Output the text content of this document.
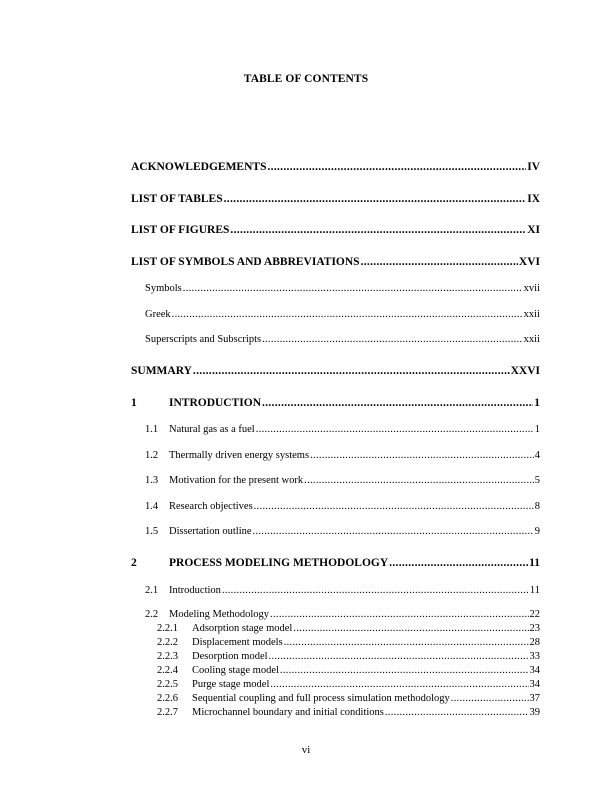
TABLE OF CONTENTS
ACKNOWLEDGEMENTS .....	IV
LIST OF TABLES .....	IX
LIST OF FIGURES .....	XI
LIST OF SYMBOLS AND ABBREVIATIONS .....	XVI
Symbols .....	xvii
Greek .....	xxii
Superscripts and Subscripts .....	xxii
SUMMARY .....	XXVI
1	INTRODUCTION .....	1
1.1	Natural gas as a fuel .....	1
1.2	Thermally driven energy systems .....	4
1.3	Motivation for the present work .....	5
1.4	Research objectives .....	8
1.5	Dissertation outline .....	9
2	PROCESS MODELING METHODOLOGY .....	11
2.1	Introduction .....	11
2.2	Modeling Methodology .....	22
2.2.1	Adsorption stage model .....	23
2.2.2	Displacement models .....	28
2.2.3	Desorption model .....	33
2.2.4	Cooling stage model .....	34
2.2.5	Purge stage model .....	34
2.2.6	Sequential coupling and full process simulation methodology .....	37
2.2.7	Microchannel boundary and initial conditions .....	39
vi
